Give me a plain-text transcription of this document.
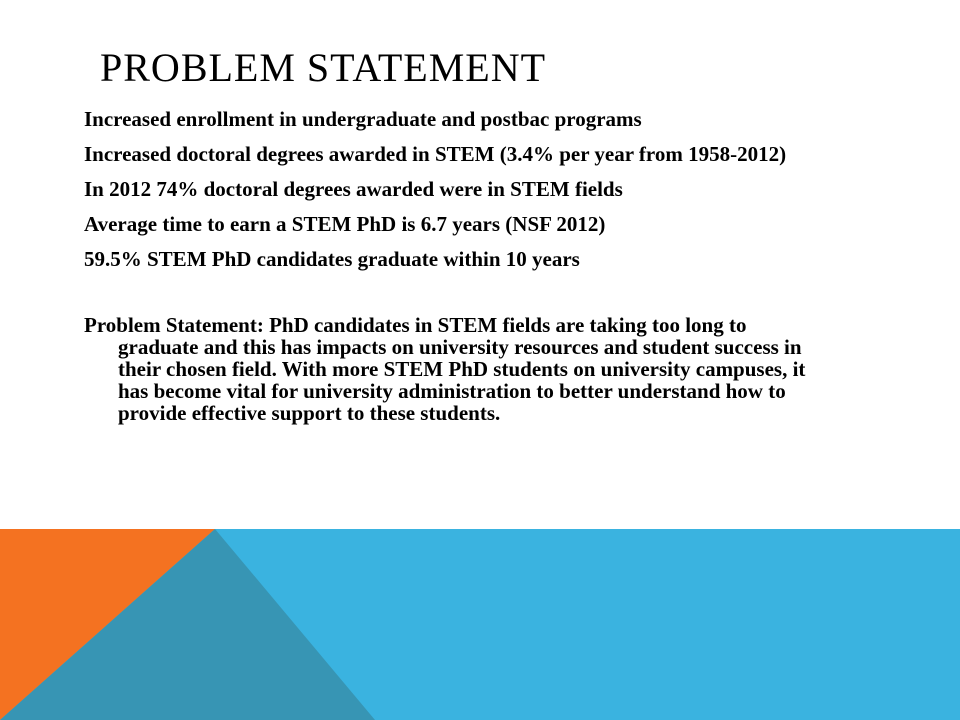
PROBLEM STATEMENT

Increased enrollment in undergraduate and postbac programs

Increased doctoral degrees awarded in STEM (3.4% per year from 1958-2012)

In 2012 74% doctoral degrees awarded were in STEM fields

Average time to earn a STEM PhD is 6.7 years (NSF 2012)

59.5% STEM PhD candidates graduate within 10 years

Problem Statement: PhD candidates in STEM fields are taking too long to graduate and this has impacts on university resources and student success in their chosen field. With more STEM PhD students on university campuses, it has become vital for university administration to better understand how to provide effective support to these students.
